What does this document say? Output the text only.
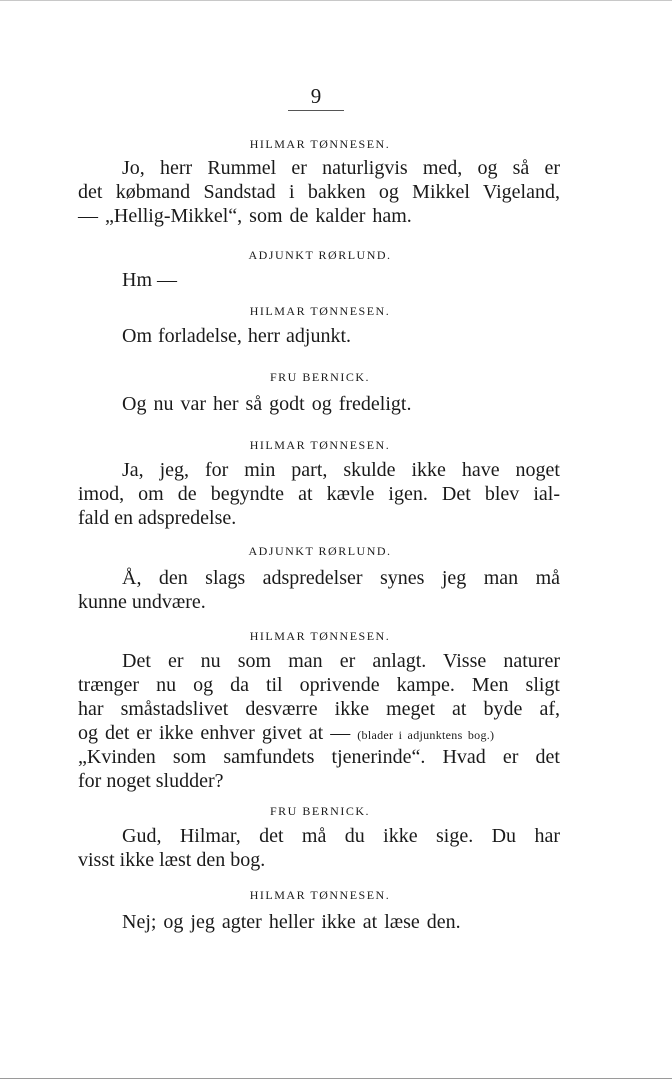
9
HILMAR TØNNESEN.
Jo, herr Rummel er naturligvis med, og så er
det købmand Sandstad i bakken og Mikkel Vigeland,
— „Hellig-Mikkel“, som de kalder ham.
ADJUNKT RØRLUND.
Hm —
HILMAR TØNNESEN.
Om forladelse, herr adjunkt.
FRU BERNICK.
Og nu var her så godt og fredeligt.
HILMAR TØNNESEN.
Ja, jeg, for min part, skulde ikke have noget
imod, om de begyndte at kævle igen. Det blev ial-
fald en adspredelse.
ADJUNKT RØRLUND.
Å, den slags adspredelser synes jeg man må
kunne undvære.
HILMAR TØNNESEN.
Det er nu som man er anlagt. Visse naturer
trænger nu og da til oprivende kampe. Men sligt
har småstadslivet desværre ikke meget at byde af,
og det er ikke enhver givet at — (blader i adjunktens bog.)
„Kvinden som samfundets tjenerinde“. Hvad er det
for noget sludder?
FRU BERNICK.
Gud, Hilmar, det må du ikke sige. Du har
visst ikke læst den bog.
HILMAR TØNNESEN.
Nej; og jeg agter heller ikke at læse den.
